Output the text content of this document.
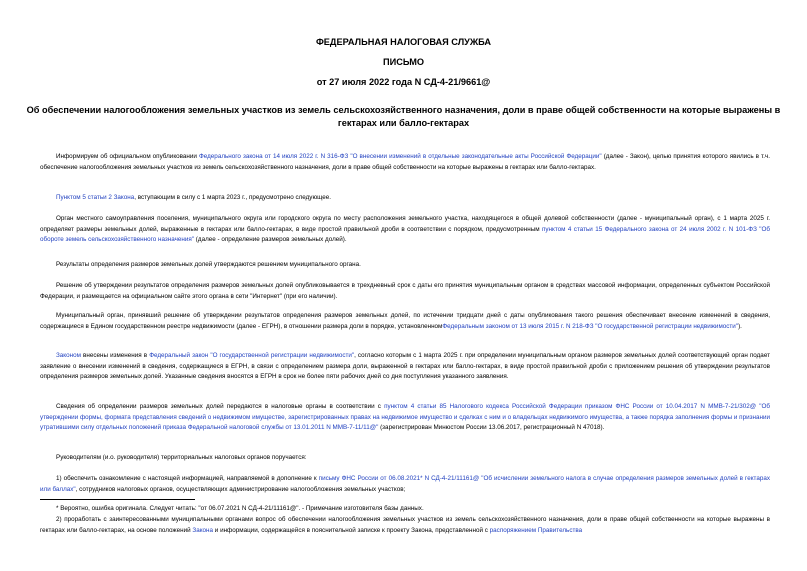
ФЕДЕРАЛЬНАЯ НАЛОГОВАЯ СЛУЖБА
ПИСЬМО
от 27 июля 2022 года N СД-4-21/9661@
Об обеспечении налогообложения земельных участков из земель сельскохозяйственного назначения, доли в праве общей собственности на которые выражены в гектарах или балло-гектарах
Информируем об официальном опубликовании Федерального закона от 14 июля 2022 г. N 316-ФЗ "О внесении изменений в отдельные законодательные акты Российской Федерации" (далее - Закон), целью принятия которого явились в т.ч. обеспечение налогообложения земельных участков из земель сельскохозяйственного назначения, доли в праве общей собственности на которые выражены в гектарах или балло-гектарах.
Пунктом 5 статьи 2 Закона, вступающим в силу с 1 марта 2023 г., предусмотрено следующее.
Орган местного самоуправления поселения, муниципального округа или городского округа по месту расположения земельного участка, находящегося в общей долевой собственности (далее - муниципальный орган), с 1 марта 2025 г. определяет размеры земельных долей, выраженные в гектарах или балло-гектарах, в виде простой правильной дроби в соответствии с порядком, предусмотренным пунктом 4 статьи 15 Федерального закона от 24 июля 2002 г. N 101-ФЗ "Об обороте земель сельскохозяйственного назначения" (далее - определение размеров земельных долей).
Результаты определения размеров земельных долей утверждаются решением муниципального органа.
Решение об утверждении результатов определения размеров земельных долей опубликовывается в трехдневный срок с даты его принятия муниципальным органом в средствах массовой информации, определенных субъектом Российской Федерации, и размещается на официальном сайте этого органа в сети "Интернет" (при его наличии).
Муниципальный орган, принявший решение об утверждении результатов определения размеров земельных долей, по истечении тридцати дней с даты опубликования такого решения обеспечивает внесение изменений в сведения, содержащиеся в Едином государственном реестре недвижимости (далее - ЕГРН), в отношении размера доли в порядке, установленномФедеральным законом от 13 июля 2015 г. N 218-ФЗ "О государственной регистрации недвижимости").
Законом внесены изменения в Федеральный закон "О государственной регистрации недвижимости", согласно которым с 1 марта 2025 г. при определении муниципальным органом размеров земельных долей соответствующий орган подает заявление о внесении изменений в сведения, содержащиеся в ЕГРН, в связи с определением размера доли, выраженной в гектарах или балло-гектарах, в виде простой правильной дроби с приложением решения об утверждении результатов определения размеров земельных долей. Указанные сведения вносятся в ЕГРН в срок не более пяти рабочих дней со дня поступления указанного заявления.
Сведения об определении размеров земельных долей передаются в налоговые органы в соответствии с пунктом 4 статьи 85 Налогового кодекса Российской Федерации приказом ФНС России от 10.04.2017 N ММВ-7-21/302@ "Об утверждении формы, формата представления сведений о недвижимом имуществе, зарегистрированных правах на недвижимое имущество и сделках с ним и о владельцах недвижимого имущества, а также порядка заполнения формы и признании утратившими силу отдельных положений приказа Федеральной налоговой службы от 13.01.2011 N ММВ-7-11/11@" (зарегистрирован Минюстом России 13.06.2017, регистрационный N 47018).
Руководителям (и.о. руководителя) территориальных налоговых органов поручается:
1) обеспечить ознакомление с настоящей информацией, направляемой в дополнение к письму ФНС России от 06.08.2021* N СД-4-21/11161@ "Об исчислении земельного налога в случае определения размеров земельных долей в гектарах или баллах", сотрудников налоговых органов, осуществляющих администрирование налогообложения земельных участков;
* Вероятно, ошибка оригинала. Следует читать: "от 06.07.2021 N СД-4-21/11161@". - Примечание изготовителя базы данных.
2) проработать с заинтересованными муниципальными органами вопрос об обеспечении налогообложения земельных участков из земель сельскохозяйственного назначения, доли в праве общей собственности на которые выражены в гектарах или балло-гектарах, на основе положений Закона и информации, содержащейся в пояснительной записке к проекту Закона, представленной с распоряжением Правительства
